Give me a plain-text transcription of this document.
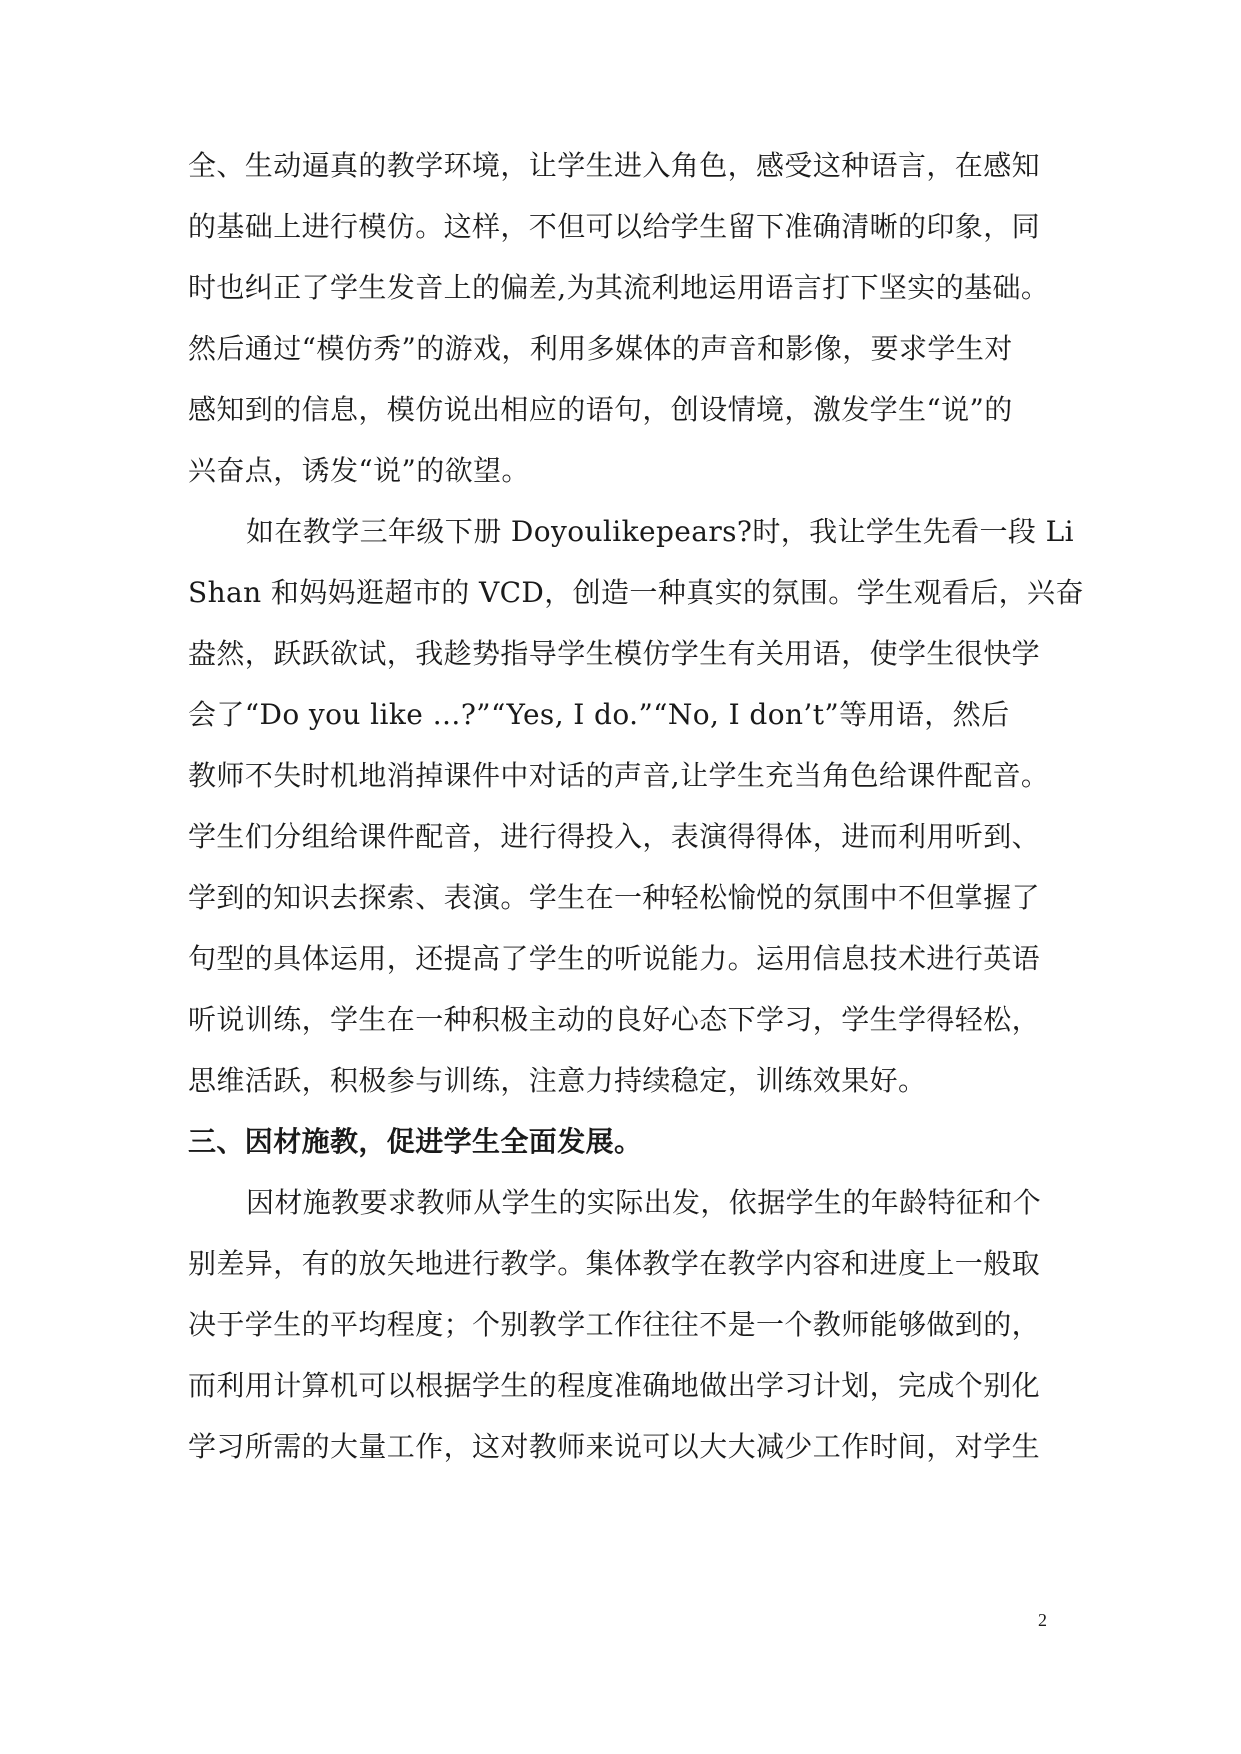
全、生动逼真的教学环境，让学生进入角色，感受这种语言，在感知
的基础上进行模仿。这样，不但可以给学生留下准确清晰的印象，同
时也纠正了学生发音上的偏差,为其流利地运用语言打下坚实的基础。
然后通过“模仿秀”的游戏，利用多媒体的声音和影像，要求学生对
感知到的信息，模仿说出相应的语句，创设情境，激发学生“说”的
兴奋点，诱发“说”的欲望。
如在教学三年级下册 Doyoulikepears?时，我让学生先看一段 Li
Shan 和妈妈逛超市的 VCD，创造一种真实的氛围。学生观看后，兴奋
盎然，跃跃欲试，我趁势指导学生模仿学生有关用语，使学生很快学
会了“Do you like …?”“Yes, I do.”“No, I don’t”等用语，然后
教师不失时机地消掉课件中对话的声音,让学生充当角色给课件配音。
学生们分组给课件配音，进行得投入，表演得得体，进而利用听到、
学到的知识去探索、表演。学生在一种轻松愉悦的氛围中不但掌握了
句型的具体运用，还提高了学生的听说能力。运用信息技术进行英语
听说训练，学生在一种积极主动的良好心态下学习，学生学得轻松，
思维活跃，积极参与训练，注意力持续稳定，训练效果好。
三、因材施教，促进学生全面发展。
因材施教要求教师从学生的实际出发，依据学生的年龄特征和个
别差异，有的放矢地进行教学。集体教学在教学内容和进度上一般取
决于学生的平均程度；个别教学工作往往不是一个教师能够做到的，
而利用计算机可以根据学生的程度准确地做出学习计划，完成个别化
学习所需的大量工作，这对教师来说可以大大减少工作时间，对学生
2
